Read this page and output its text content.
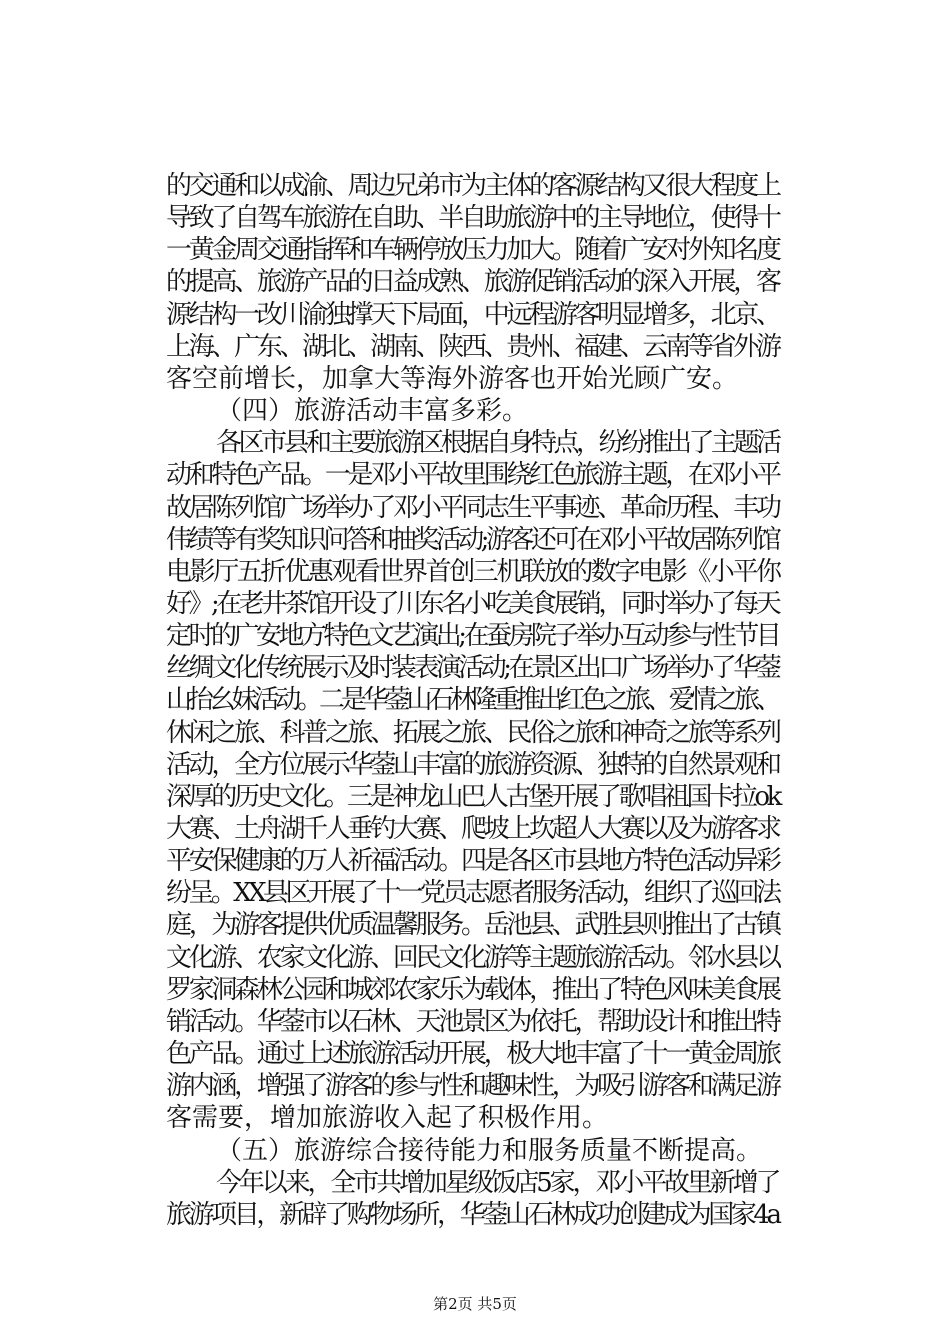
的交通和以成渝、周边兄弟市为主体的客源结构又很大程度上
导致了自驾车旅游在自助、半自助旅游中的主导地位，使得十
一黄金周交通指挥和车辆停放压力加大。随着广安对外知名度
的提高、旅游产品的日益成熟、旅游促销活动的深入开展，客
源结构一改川渝独撑天下局面，中远程游客明显增多，北京、
上海、广东、湖北、湖南、陕西、贵州、福建、云南等省外游
客空前增长，加拿大等海外游客也开始光顾广安。
（四）旅游活动丰富多彩。
各区市县和主要旅游区根据自身特点，纷纷推出了主题活
动和特色产品。一是邓小平故里围绕红色旅游主题，在邓小平
故居陈列馆广场举办了邓小平同志生平事迹、革命历程、丰功
伟绩等有奖知识问答和抽奖活动;游客还可在邓小平故居陈列馆
电影厅五折优惠观看世界首创三机联放的数字电影《小平你
好》;在老井茶馆开设了川东名小吃美食展销，同时举办了每天
定时的广安地方特色文艺演出;在蚕房院子举办互动参与性节目
丝绸文化传统展示及时装表演活动;在景区出口广场举办了华蓥
山抬幺妹活动。二是华蓥山石林隆重推出红色之旅、爱情之旅、
休闲之旅、科普之旅、拓展之旅、民俗之旅和神奇之旅等系列
活动，全方位展示华蓥山丰富的旅游资源、独特的自然景观和
深厚的历史文化。三是神龙山巴人古堡开展了歌唱祖国卡拉ok
大赛、土舟湖千人垂钓大赛、爬坡上坎超人大赛以及为游客求
平安保健康的万人祈福活动。四是各区市县地方特色活动异彩
纷呈。XX县区开展了十一党员志愿者服务活动，组织了巡回法
庭，为游客提供优质温馨服务。岳池县、武胜县则推出了古镇
文化游、农家文化游、回民文化游等主题旅游活动。邻水县以
罗家洞森林公园和城郊农家乐为载体，推出了特色风味美食展
销活动。华蓥市以石林、天池景区为依托，帮助设计和推出特
色产品。通过上述旅游活动开展，极大地丰富了十一黄金周旅
游内涵，增强了游客的参与性和趣味性，为吸引游客和满足游
客需要，增加旅游收入起了积极作用。
（五）旅游综合接待能力和服务质量不断提高。
今年以来，全市共增加星级饭店5家，邓小平故里新增了
旅游项目，新辟了购物场所，华蓥山石林成功创建成为国家4a
第2页 共5页
